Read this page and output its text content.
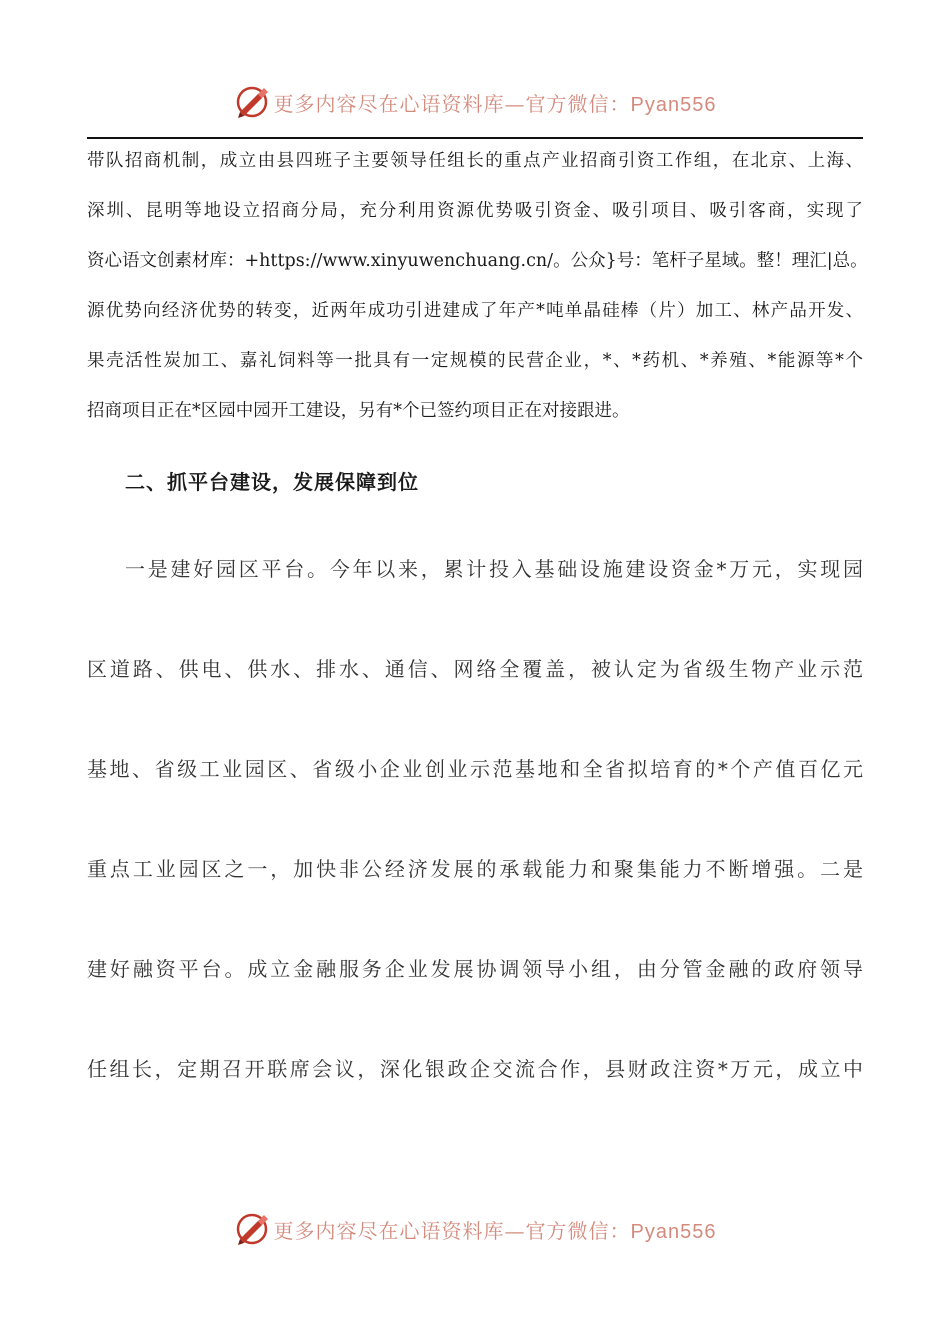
更多内容尽在心语资料库—官方微信：Pyan556
带队招商机制，成立由县四班子主要领导任组长的重点产业招商引资工作组，在北京、上海、
深圳、昆明等地设立招商分局，充分利用资源优势吸引资金、吸引项目、吸引客商，实现了
资心语文创素材库：+https://www.xinyuwenchuang.cn/。公众}号：笔杆子星域。整！理汇|总。
源优势向经济优势的转变，近两年成功引进建成了年产*吨单晶硅棒（片）加工、林产品开发、
果壳活性炭加工、嘉礼饲料等一批具有一定规模的民营企业，*、*药机、*养殖、*能源等*个
招商项目正在*区园中园开工建设，另有*个已签约项目正在对接跟进。
二、抓平台建设，发展保障到位
一是建好园区平台。今年以来，累计投入基础设施建设资金*万元，实现园
区道路、供电、供水、排水、通信、网络全覆盖，被认定为省级生物产业示范
基地、省级工业园区、省级小企业创业示范基地和全省拟培育的*个产值百亿元
重点工业园区之一，加快非公经济发展的承载能力和聚集能力不断增强。二是
建好融资平台。成立金融服务企业发展协调领导小组，由分管金融的政府领导
任组长，定期召开联席会议，深化银政企交流合作，县财政注资*万元，成立中
更多内容尽在心语资料库—官方微信：Pyan556
